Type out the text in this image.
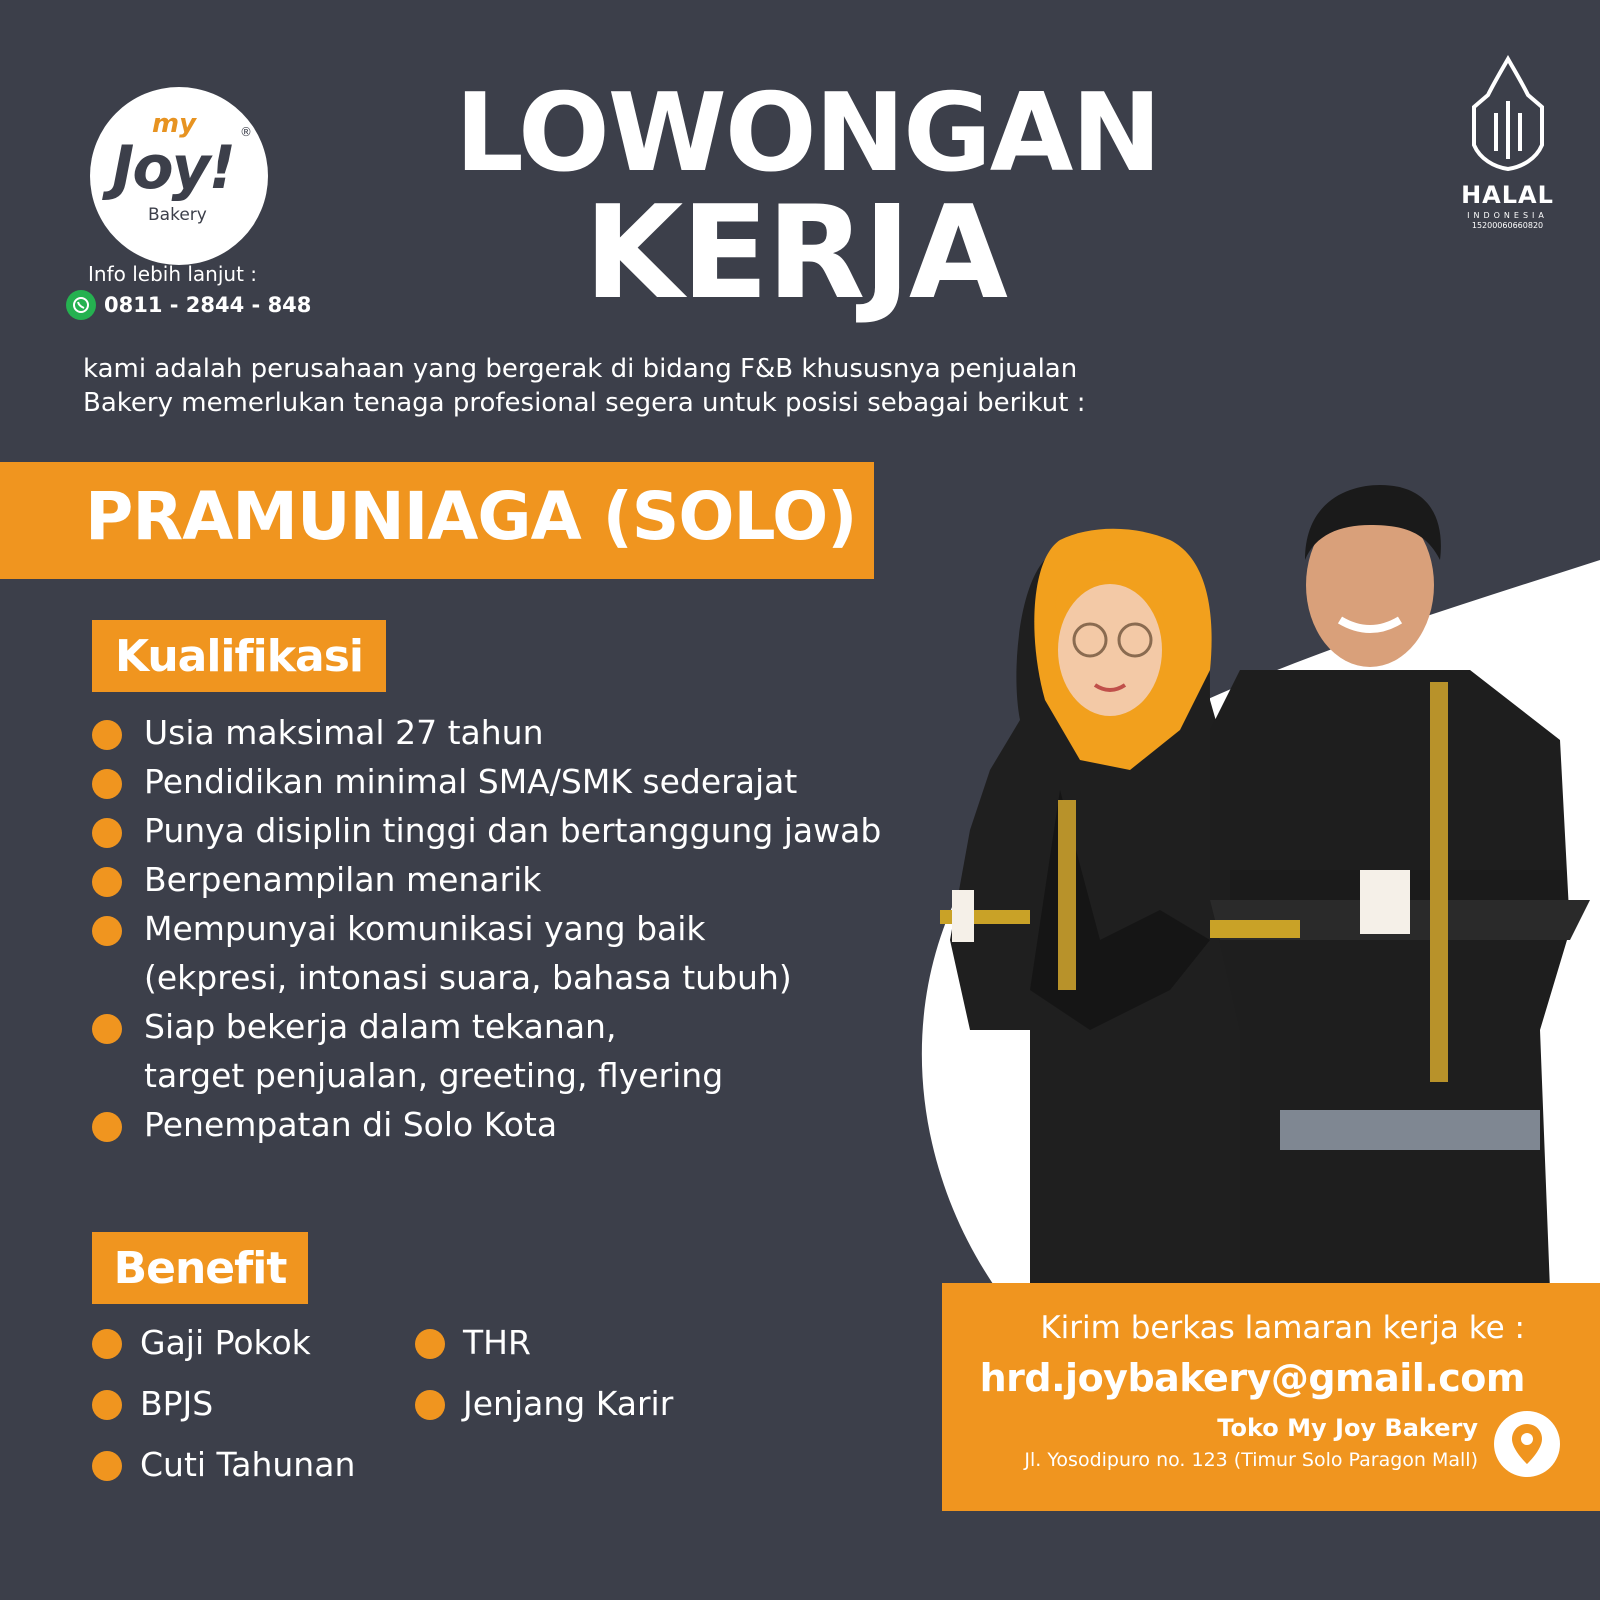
my
Joy!
®
Bakery
Info lebih lanjut :
0811 - 2844 - 848
LOWONGAN
KERJA	HALAL
INDONESIA
15200060660820
kami adalah perusahaan yang bergerak di bidang F&B khususnya penjualan
Bakery memerlukan tenaga profesional segera untuk posisi sebagai berikut :
PRAMUNIAGA (SOLO)
Kualifikasi
Usia maksimal 27 tahun
Pendidikan minimal SMA/SMK sederajat
Punya disiplin tinggi dan bertanggung jawab
Berpenampilan menarik
Mempunyai komunikasi yang baik
(ekpresi, intonasi suara, bahasa tubuh)
Siap bekerja dalam tekanan,
target penjualan, greeting, flyering
Penempatan di Solo Kota
Benefit
Gaji Pokok	THR
BPJS	Jenjang Karir
Cuti Tahunan
Kirim berkas lamaran kerja ke :
hrd.joybakery@gmail.com
Toko My Joy Bakery
Jl. Yosodipuro no. 123 (Timur Solo Paragon Mall)
